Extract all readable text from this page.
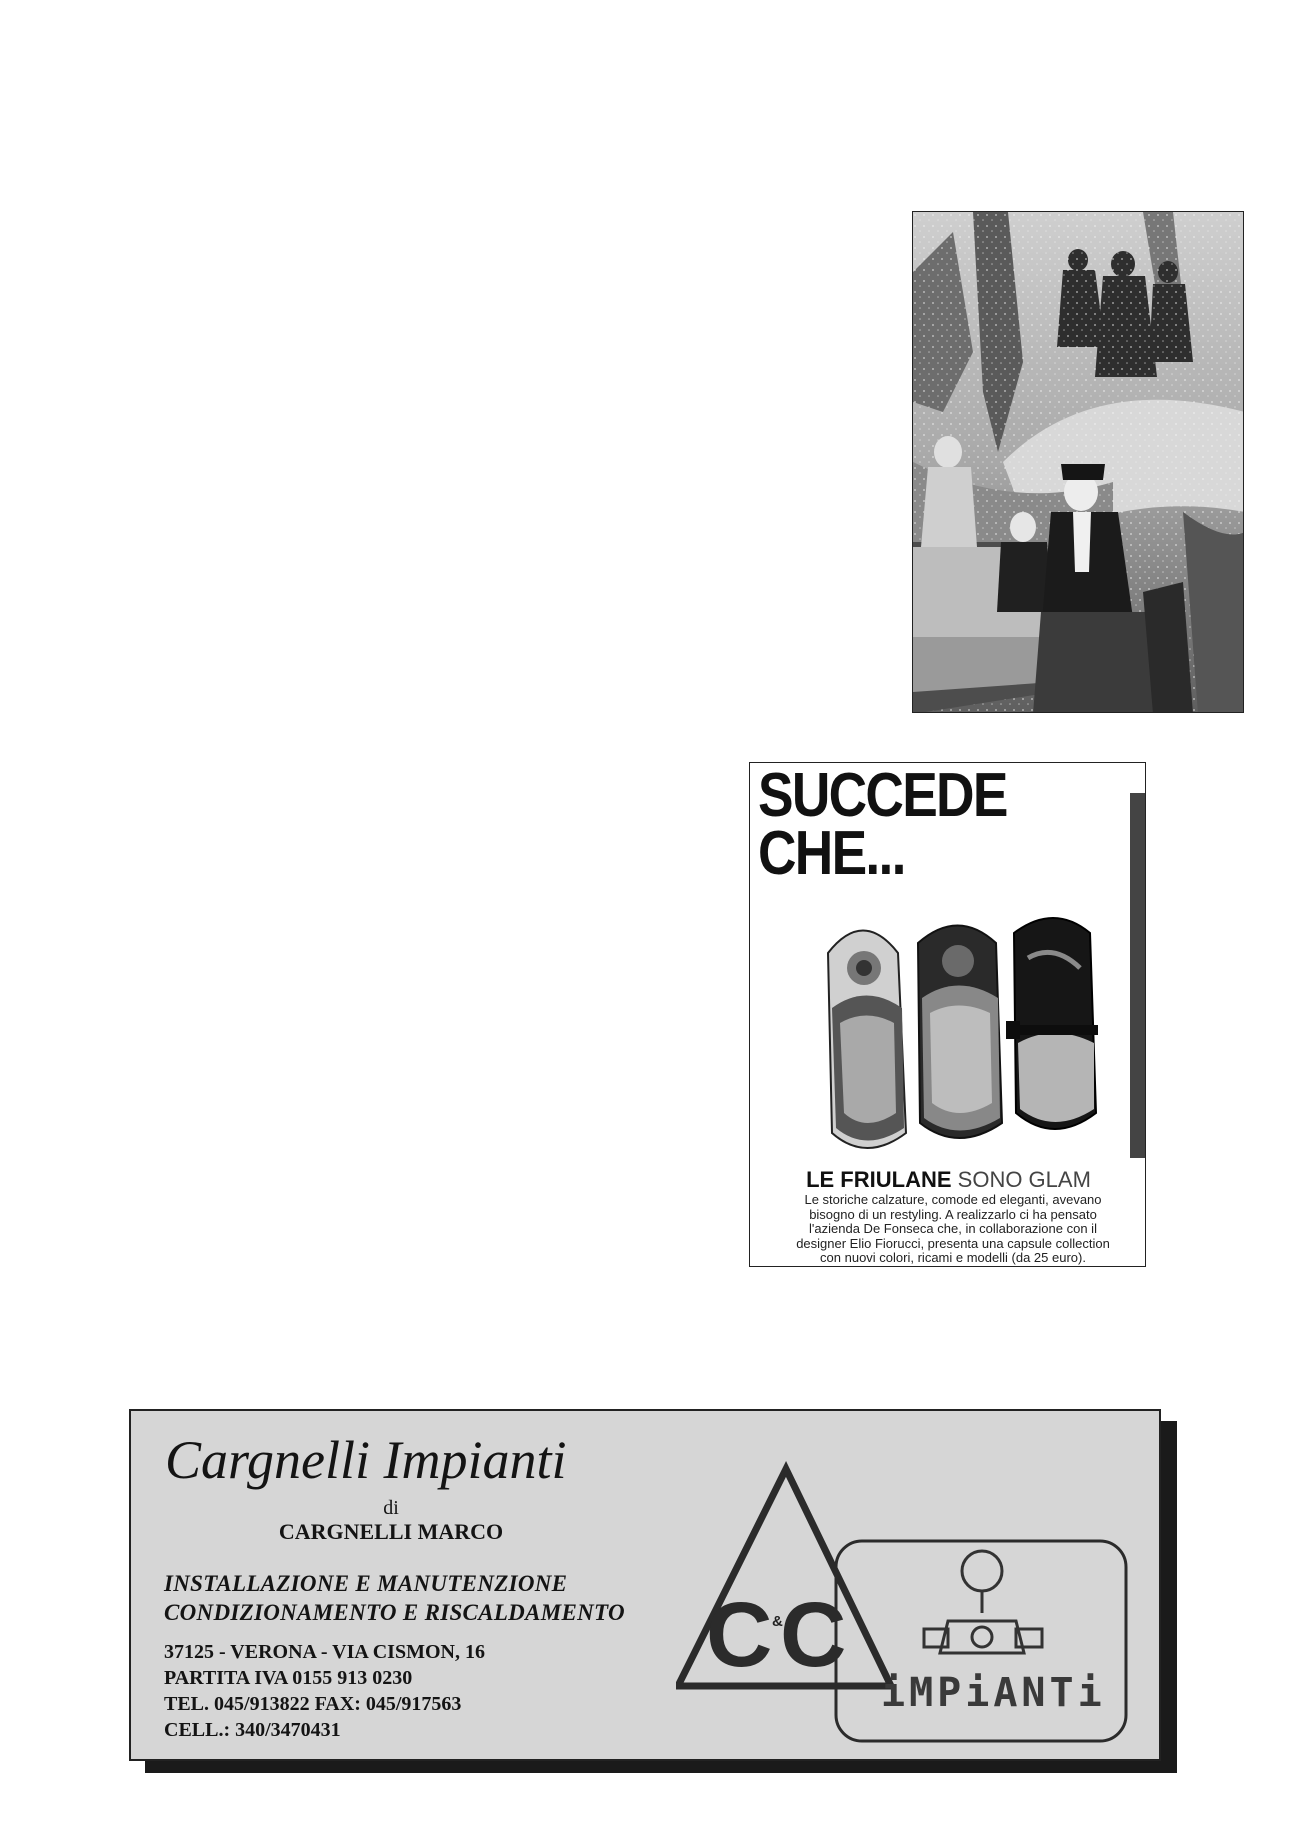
SUCCEDE
CHE...
LE FRIULANE SONO GLAM
Le storiche calzature, comode ed eleganti, avevano
bisogno di un restyling. A realizzarlo ci ha pensato
l'azienda De Fonseca che, in collaborazione con il
designer Elio Fiorucci, presenta una capsule collection
con nuovi colori, ricami e modelli (da 25 euro).
Cargnelli Impianti
di
CARGNELLI MARCO
INSTALLAZIONE E MANUTENZIONE
CONDIZIONAMENTO E RISCALDAMENTO
37125 - VERONA - VIA CISMON, 16
PARTITA IVA 0155 913 0230
TEL. 045/913822 FAX: 045/917563
CELL.: 340/3470431
C &
C
iMPiANTi
